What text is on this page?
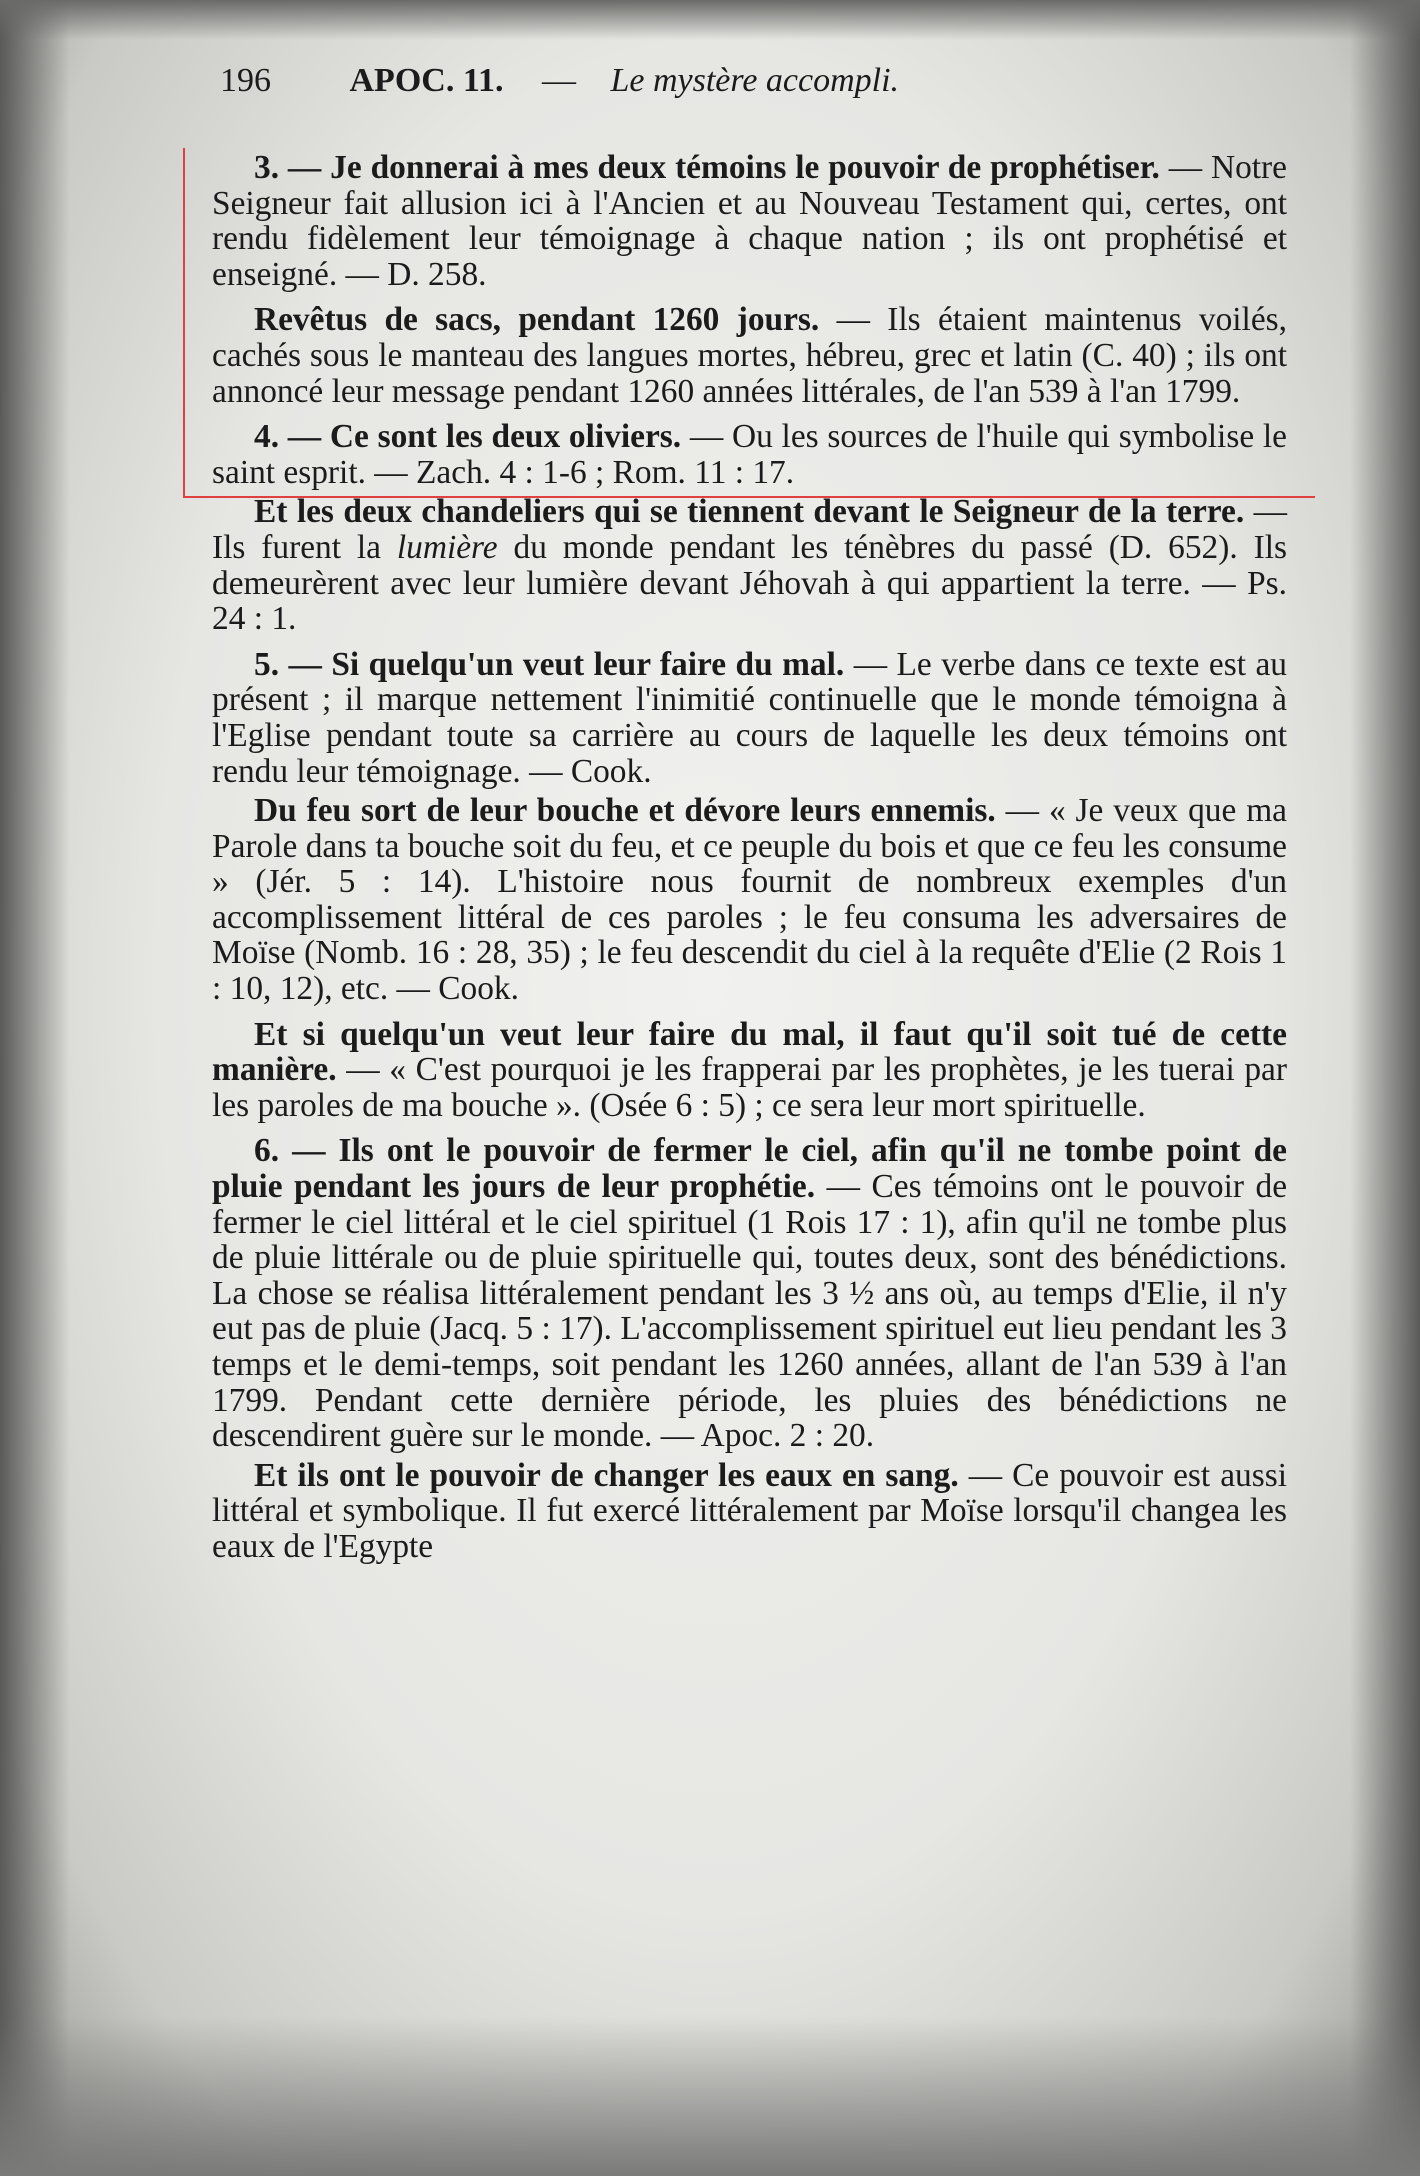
196 APOC. 11. — Le mystère accompli.

3. — Je donnerai à mes deux témoins le pouvoir de prophétiser. — Notre Seigneur fait allusion ici à l'Ancien et au Nouveau Testament qui, certes, ont rendu fidèlement leur témoignage à chaque nation ; ils ont prophétisé et enseigné. — D. 258.

Revêtus de sacs, pendant 1260 jours. — Ils étaient maintenus voilés, cachés sous le manteau des langues mortes, hébreu, grec et latin (C. 40) ; ils ont annoncé leur message pendant 1260 années littérales, de l'an 539 à l'an 1799.

4. — Ce sont les deux oliviers. — Ou les sources de l'huile qui symbolise le saint esprit. — Zach. 4 : 1-6 ; Rom. 11 : 17.

Et les deux chandeliers qui se tiennent devant le Seigneur de la terre. — Ils furent la lumière du monde pendant les ténèbres du passé (D. 652). Ils demeurèrent avec leur lumière devant Jéhovah à qui appartient la terre. — Ps. 24 : 1.

5. — Si quelqu'un veut leur faire du mal. — Le verbe dans ce texte est au présent ; il marque nettement l'inimitié continuelle que le monde témoigna à l'Eglise pendant toute sa carrière au cours de laquelle les deux témoins ont rendu leur témoignage. — Cook.

Du feu sort de leur bouche et dévore leurs ennemis. — « Je veux que ma Parole dans ta bouche soit du feu, et ce peuple du bois et que ce feu les consume » (Jér. 5 : 14). L'histoire nous fournit de nombreux exemples d'un accomplissement littéral de ces paroles ; le feu consuma les adversaires de Moïse (Nomb. 16 : 28, 35) ; le feu descendit du ciel à la requête d'Elie (2 Rois 1 : 10, 12), etc. — Cook.

Et si quelqu'un veut leur faire du mal, il faut qu'il soit tué de cette manière. — « C'est pourquoi je les frapperai par les prophètes, je les tuerai par les paroles de ma bouche ». (Osée 6 : 5) ; ce sera leur mort spirituelle.

6. — Ils ont le pouvoir de fermer le ciel, afin qu'il ne tombe point de pluie pendant les jours de leur prophétie. — Ces témoins ont le pouvoir de fermer le ciel littéral et le ciel spirituel (1 Rois 17 : 1), afin qu'il ne tombe plus de pluie littérale ou de pluie spirituelle qui, toutes deux, sont des bénédictions. La chose se réalisa littéralement pendant les 3 ½ ans où, au temps d'Elie, il n'y eut pas de pluie (Jacq. 5 : 17). L'accomplissement spirituel eut lieu pendant les 3 temps et le demi-temps, soit pendant les 1260 années, allant de l'an 539 à l'an 1799. Pendant cette dernière période, les pluies des bénédictions ne descendirent guère sur le monde. — Apoc. 2 : 20.

Et ils ont le pouvoir de changer les eaux en sang. — Ce pouvoir est aussi littéral et symbolique. Il fut exercé littéralement par Moïse lorsqu'il changea les eaux de l'Egypte
